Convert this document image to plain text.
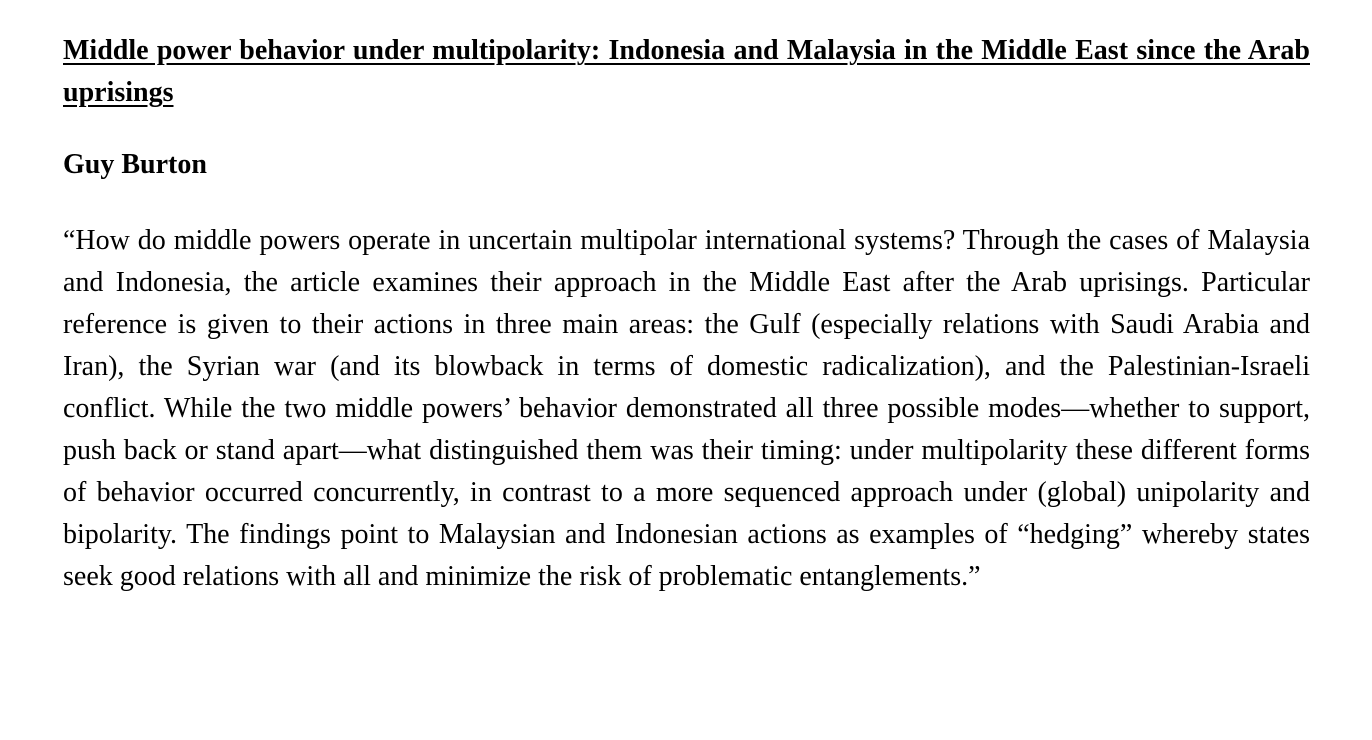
Middle power behavior under multipolarity: Indonesia and Malaysia in the Middle East since the Arab uprisings

Guy Burton

“How do middle powers operate in uncertain multipolar international systems? Through the cases of Malaysia and Indonesia, the article examines their approach in the Middle East after the Arab uprisings. Particular reference is given to their actions in three main areas: the Gulf (especially relations with Saudi Arabia and Iran), the Syrian war (and its blowback in terms of domestic radicalization), and the Palestinian-Israeli conflict. While the two middle powers’ behavior demonstrated all three possible modes—whether to support, push back or stand apart—what distinguished them was their timing: under multipolarity these different forms of behavior occurred concurrently, in contrast to a more sequenced approach under (global) unipolarity and bipolarity. The findings point to Malaysian and Indonesian actions as examples of “hedging” whereby states seek good relations with all and minimize the risk of problematic entanglements.”
